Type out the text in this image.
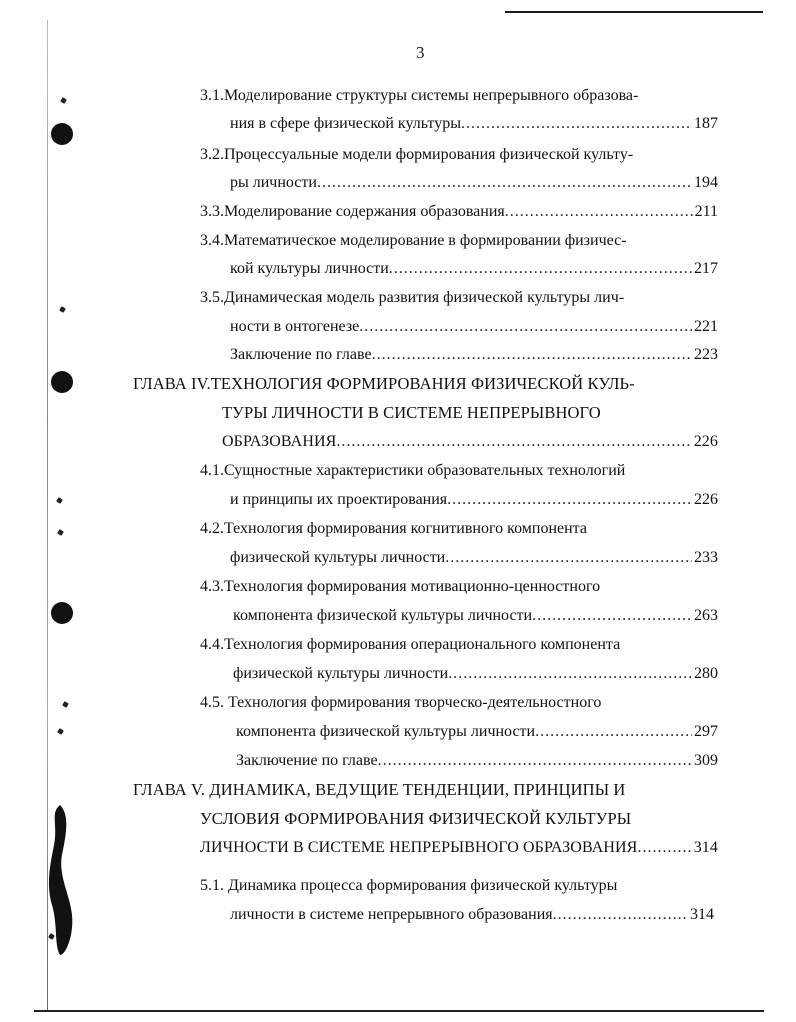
3
3.1.Моделирование структуры системы непрерывного образова-
ния в сфере физической культуры .....	187
3.2.Процессуальные модели формирования физической культу-
ры личности .....	194
3.3.Моделирование содержания образования .....	211
3.4.Математическое моделирование в формировании физичес-
кой культуры личности .....	217
3.5.Динамическая модель развития физической культуры лич-
ности в онтогенезе .....	221
Заключение по главе .....	223
ГЛАВА IV.ТЕХНОЛОГИЯ ФОРМИРОВАНИЯ ФИЗИЧЕСКОЙ КУЛЬ-
ТУРЫ ЛИЧНОСТИ В СИСТЕМЕ НЕПРЕРЫВНОГО
ОБРАЗОВАНИЯ .....	226
4.1.Сущностные характеристики образовательных технологий
и принципы их проектирования .....	226
4.2.Технология формирования когнитивного компонента
физической культуры личности .....	233
4.3.Технология формирования мотивационно-ценностного
компонента физической культуры личности .....	263
4.4.Технология формирования операционального компонента
физической культуры личности .....	280
4.5. Технология формирования творческо-деятельностного
компонента физической культуры личности .....	297
Заключение по главе .....	309
ГЛАВА V. ДИНАМИКА, ВЕДУЩИЕ ТЕНДЕНЦИИ, ПРИНЦИПЫ И
УСЛОВИЯ ФОРМИРОВАНИЯ ФИЗИЧЕСКОЙ КУЛЬТУРЫ
ЛИЧНОСТИ В СИСТЕМЕ НЕПРЕРЫВНОГО ОБРАЗОВАНИЯ .....	314
5.1. Динамика процесса формирования физической культуры
личности в системе непрерывного образования .....	314
